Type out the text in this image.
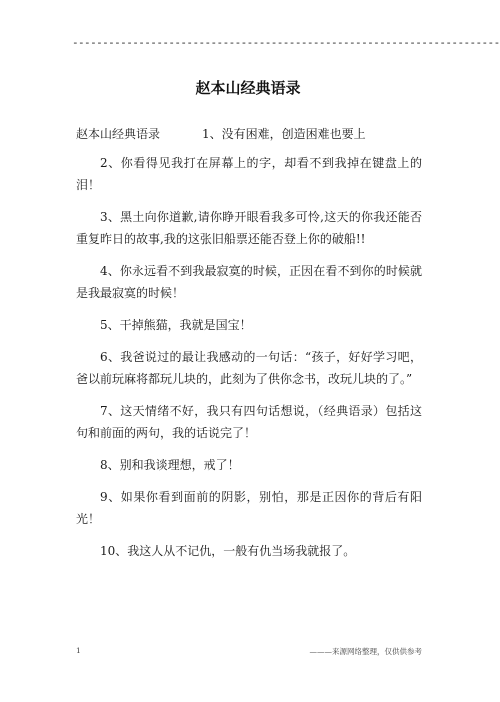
-----------------------------------------------------------------------
赵本山经典语录
赵本山经典语录	1、没有困难，创造困难也要上

2、你看得见我打在屏幕上的字，却看不到我掉在键盘上的泪！

3、黑土向你道歉,请你睁开眼看我多可怜,这天的你我还能否重复昨日的故事,我的这张旧船票还能否登上你的破船!!

4、你永远看不到我最寂寞的时候，正因在看不到你的时候就是我最寂寞的时候！

5、干掉熊猫，我就是国宝！

6、我爸说过的最让我感动的一句话：“孩子，好好学习吧，爸以前玩麻将都玩儿块的，此刻为了供你念书，改玩儿块的了。”

7、这天情绪不好，我只有四句话想说，（经典语录）包括这句和前面的两句，我的话说完了！

8、别和我谈理想，戒了！

9、如果你看到面前的阴影，别怕，那是正因你的背后有阳光！

10、我这人从不记仇，一般有仇当场我就报了。

1	———来源网络整理，仅供供参考
